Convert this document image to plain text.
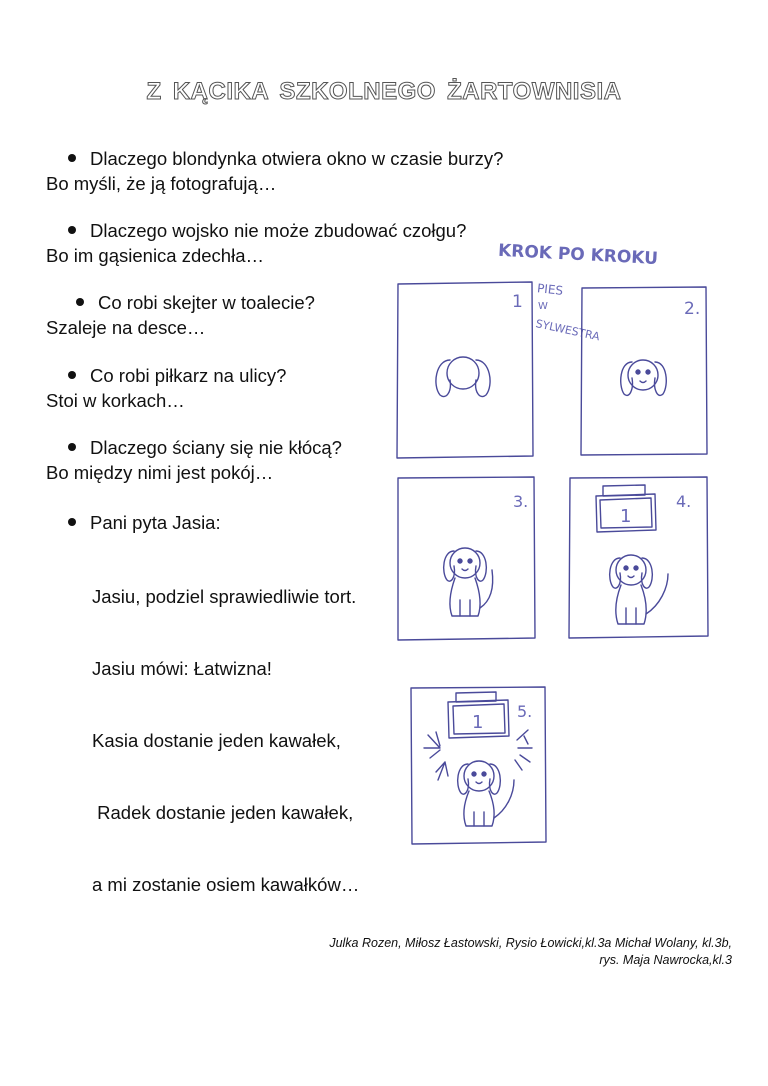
Z KĄCIKA SZKOLNEGO ŻARTOWNISIA
Dlaczego blondynka otwiera okno w czasie burzy?
Bo myśli, że ją fotografują…
Dlaczego wojsko nie może zbudować czołgu?
Bo im gąsienica zdechła…
Co robi skejter w toalecie?
Szaleje na desce…
Co robi piłkarz na ulicy?
Stoi w korkach…
Dlaczego ściany się nie kłócą?
Bo między nimi jest pokój…
Pani pyta Jasia:

Jasiu, podziel sprawiedliwie tort.

Jasiu mówi: Łatwizna!

Kasia dostanie jeden kawałek,

Radek dostanie jeden kawałek,

a mi zostanie osiem kawałków…

KROK PO KROKU
PIES
W
SYLWESTRA
1	2.
3.	4.
1
5.
1
Julka Rozen, Miłosz Łastowski, Rysio Łowicki,kl.3a Michał Wolany, kl.3b,
rys. Maja Nawrocka,kl.3
